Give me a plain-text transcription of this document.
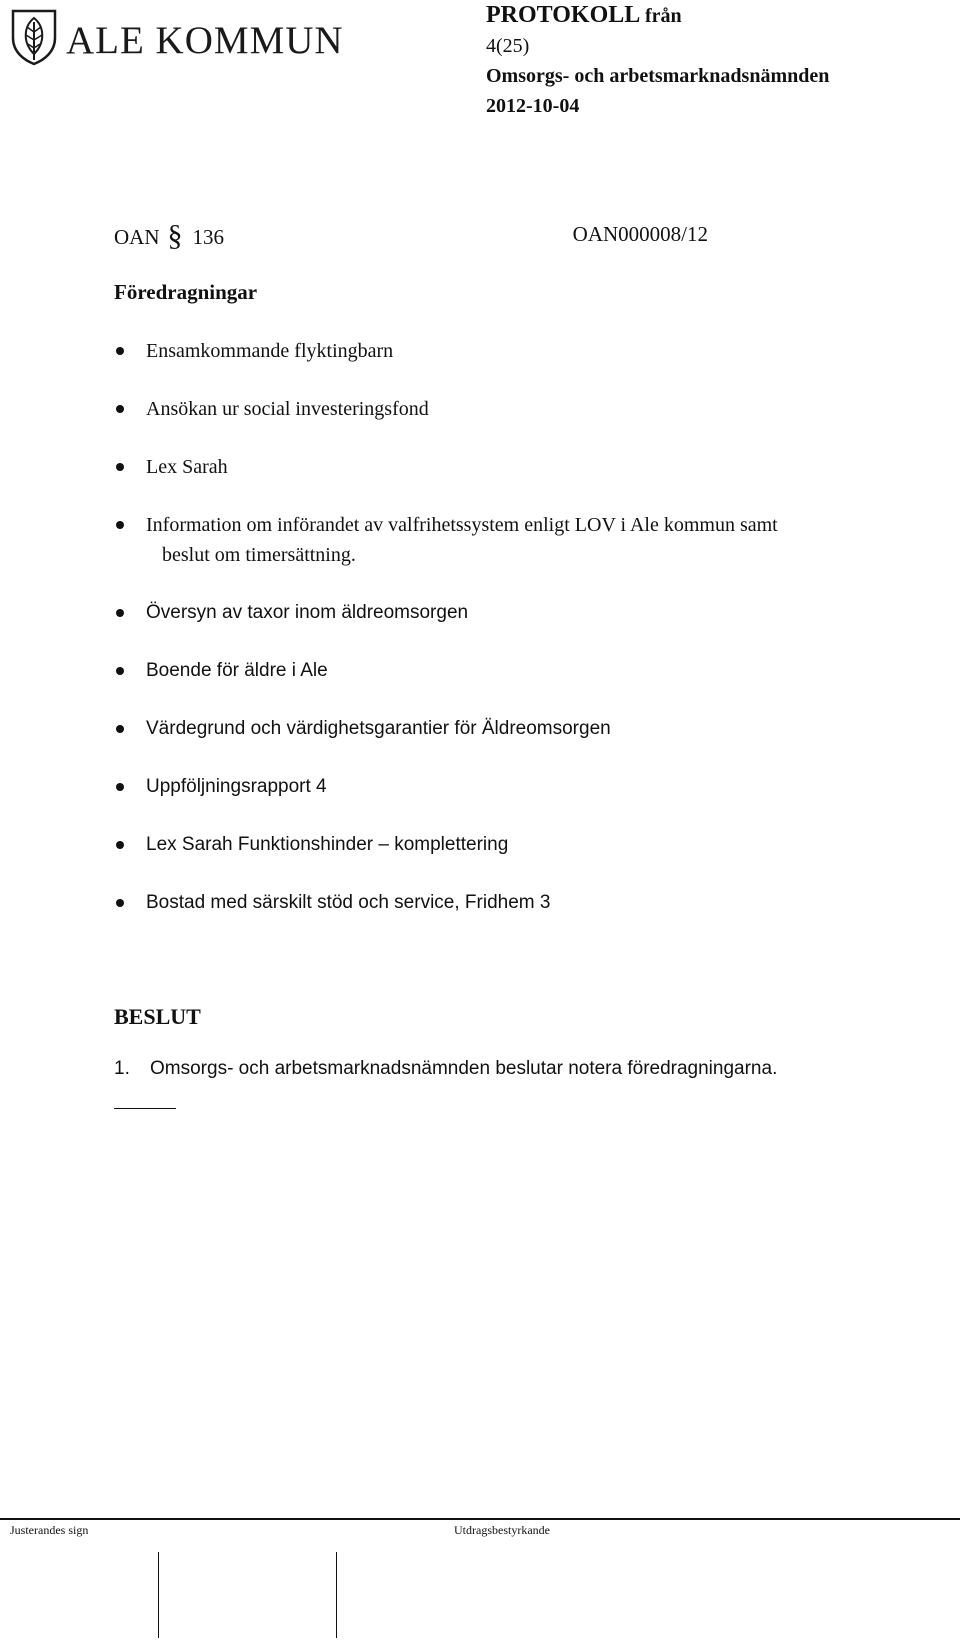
ALE KOMMUN
PROTOKOLL från
4(25)
Omsorgs- och arbetsmarknadsnämnden
2012-10-04
OAN § 136	OAN000008/12
Föredragningar
Ensamkommande flyktingbarn
Ansökan ur social investeringsfond
Lex Sarah
Information om införandet av valfrihetssystem enligt LOV i Ale kommun samt
beslut om timersättning.
Översyn av taxor inom äldreomsorgen
Boende för äldre i Ale
Värdegrund och värdighetsgarantier för Äldreomsorgen
Uppföljningsrapport 4
Lex Sarah Funktionshinder – komplettering
Bostad med särskilt stöd och service, Fridhem 3
BESLUT
1. Omsorgs- och arbetsmarknadsnämnden beslutar notera föredragningarna.
Justerandes sign	Utdragsbestyrkande
